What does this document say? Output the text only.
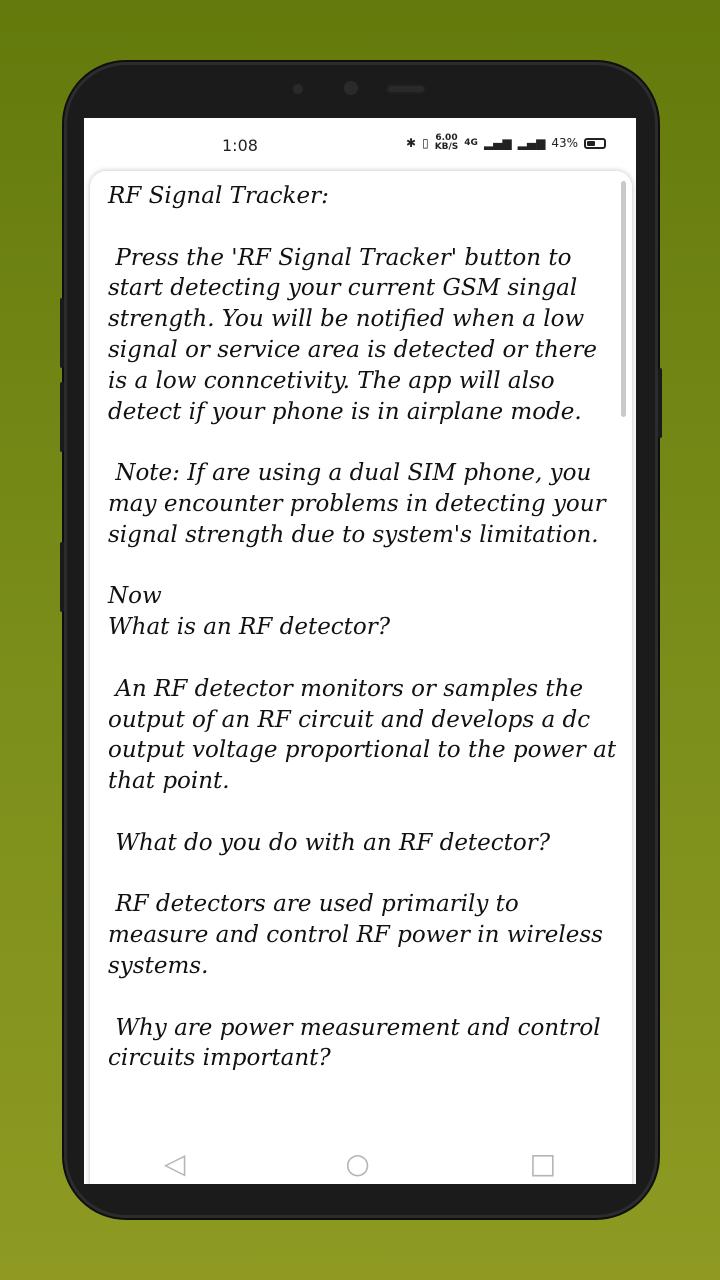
1:08	✱ ▯ 6.00
KB/S 4G ▂▄▆ ▂▄▆ 43%

RF Signal Tracker:

Press the 'RF Signal Tracker' button to start detecting your current GSM singal strength. You will be notified when a low signal or service area is detected or there is a low conncetivity. The app will also detect if your phone is in airplane mode.

Note: If are using a dual SIM phone, you may encounter problems in detecting your signal strength due to system's limitation.

Now
What is an RF detector?

An RF detector monitors or samples the output of an RF circuit and develops a dc output voltage proportional to the power at that point.

What do you do with an RF detector?

RF detectors are used primarily to measure and control RF power in wireless systems.

Why are power measurement and control circuits important?

◁	○	□
